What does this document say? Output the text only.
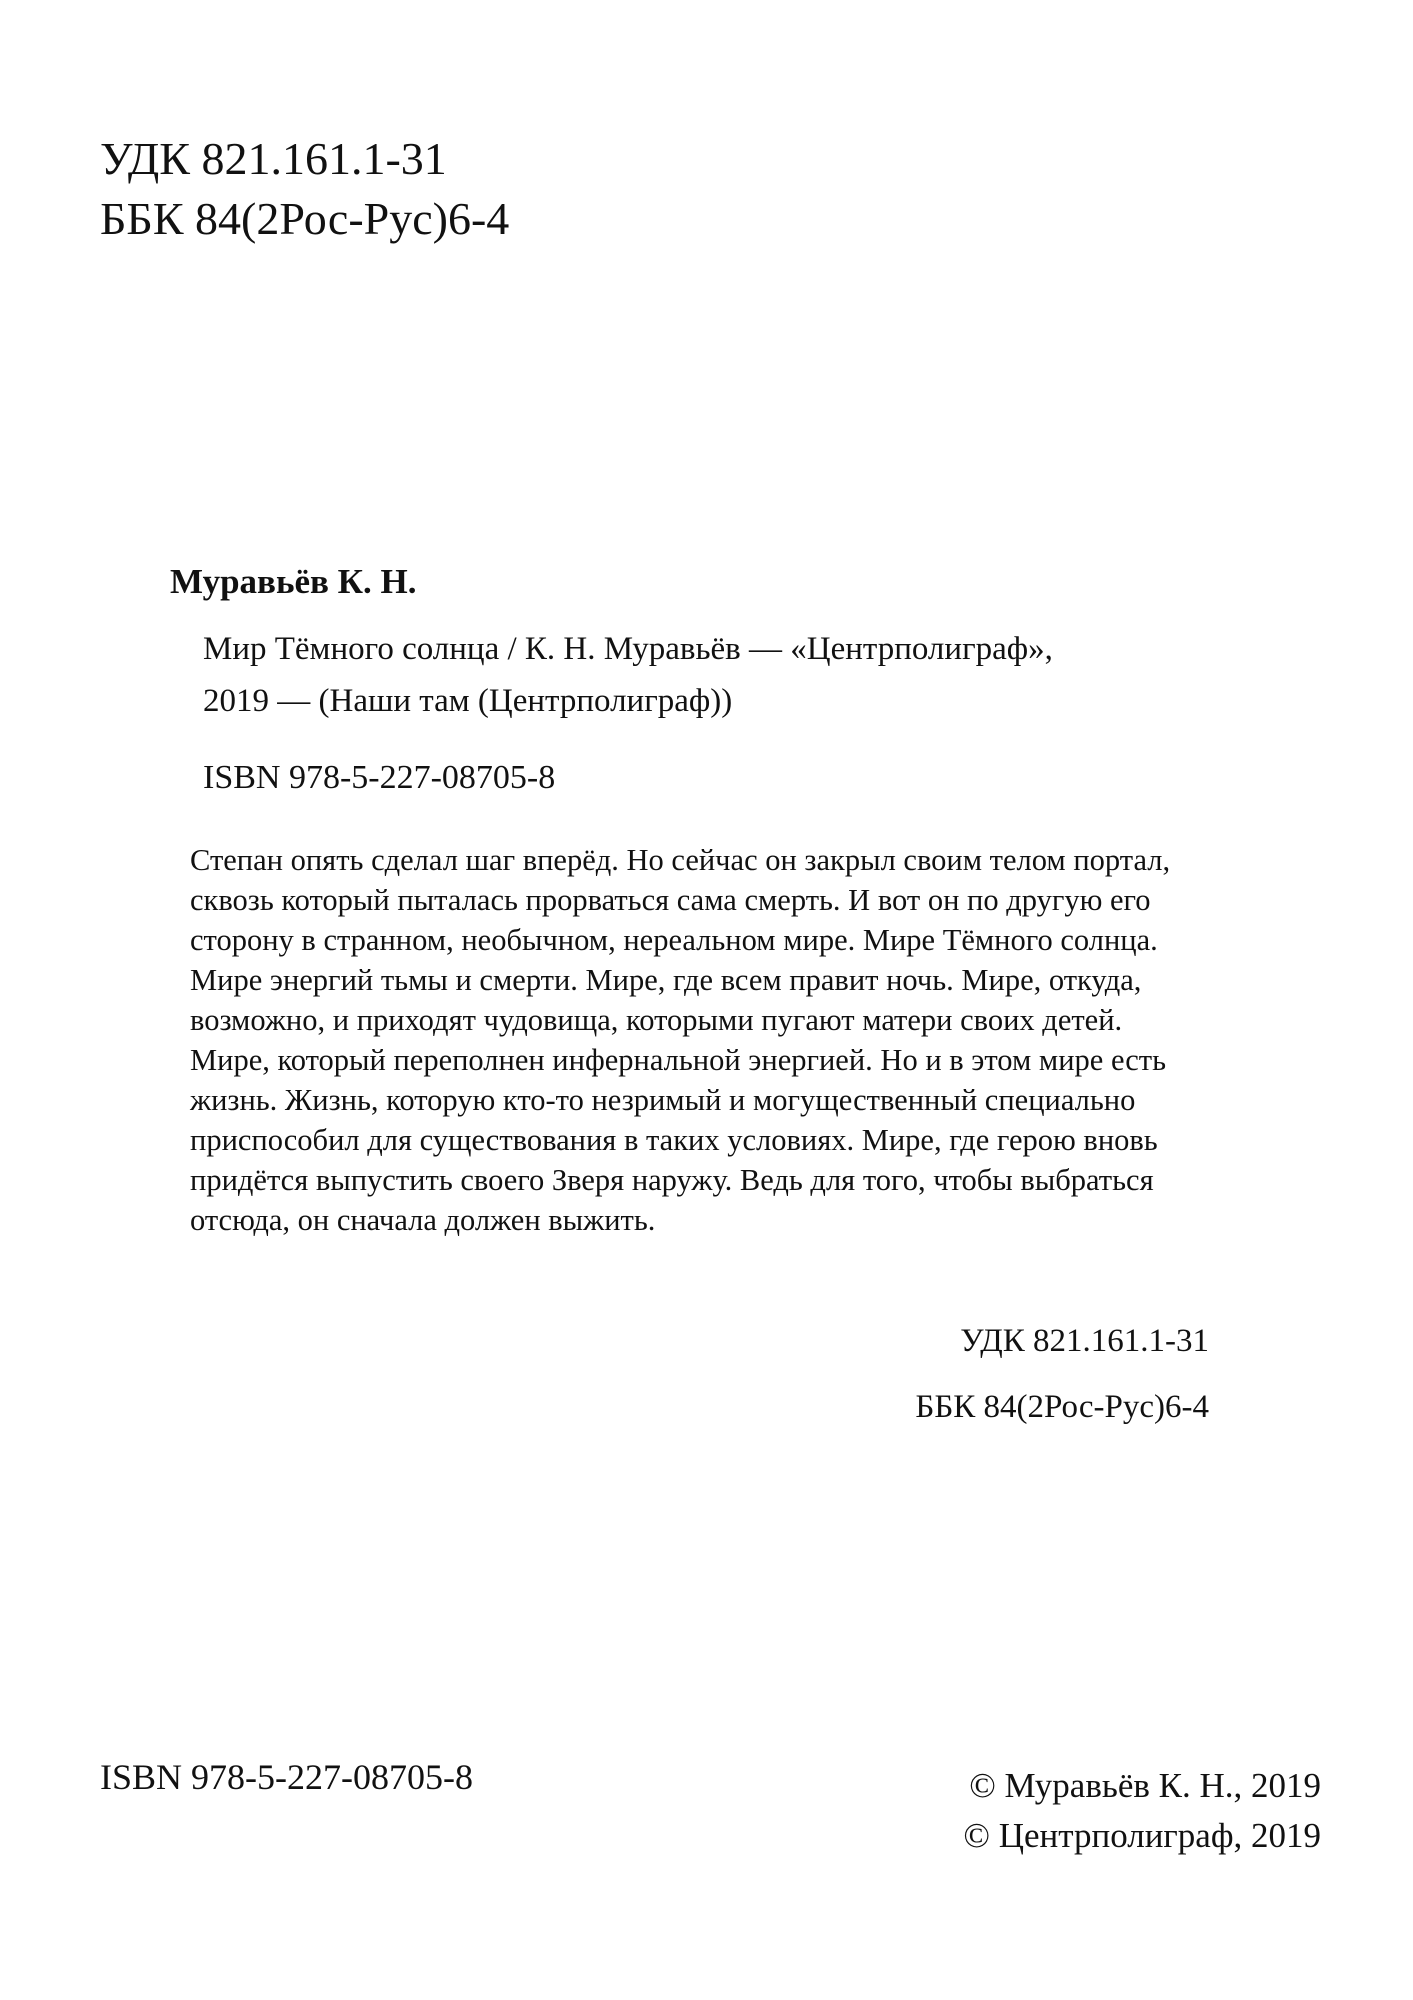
УДК 821.161.1-31

ББК 84(2Рос-Рус)6-4

Муравьёв К. Н.

Мир Тёмного солнца / К. Н. Муравьёв — «Центрполиграф»,

2019 — (Наши там (Центрполиграф))

ISBN 978-5-227-08705-8

Степан опять сделал шаг вперёд. Но сейчас он закрыл своим телом портал,
сквозь который пыталась прорваться сама смерть. И вот он по другую его
сторону в странном, необычном, нереальном мире. Мире Тёмного солнца.
Мире энергий тьмы и смерти. Мире, где всем правит ночь. Мире, откуда,
возможно, и приходят чудовища, которыми пугают матери своих детей.
Мире, который переполнен инфернальной энергией. Но и в этом мире есть
жизнь. Жизнь, которую кто-то незримый и могущественный специально
приспособил для существования в таких условиях. Мире, где герою вновь
придётся выпустить своего Зверя наружу. Ведь для того, чтобы выбраться
отсюда, он сначала должен выжить.

УДК 821.161.1-31

ББК 84(2Рос-Рус)6-4

ISBN 978-5-227-08705-8	© Муравьёв К. Н., 2019

© Центрполиграф, 2019
